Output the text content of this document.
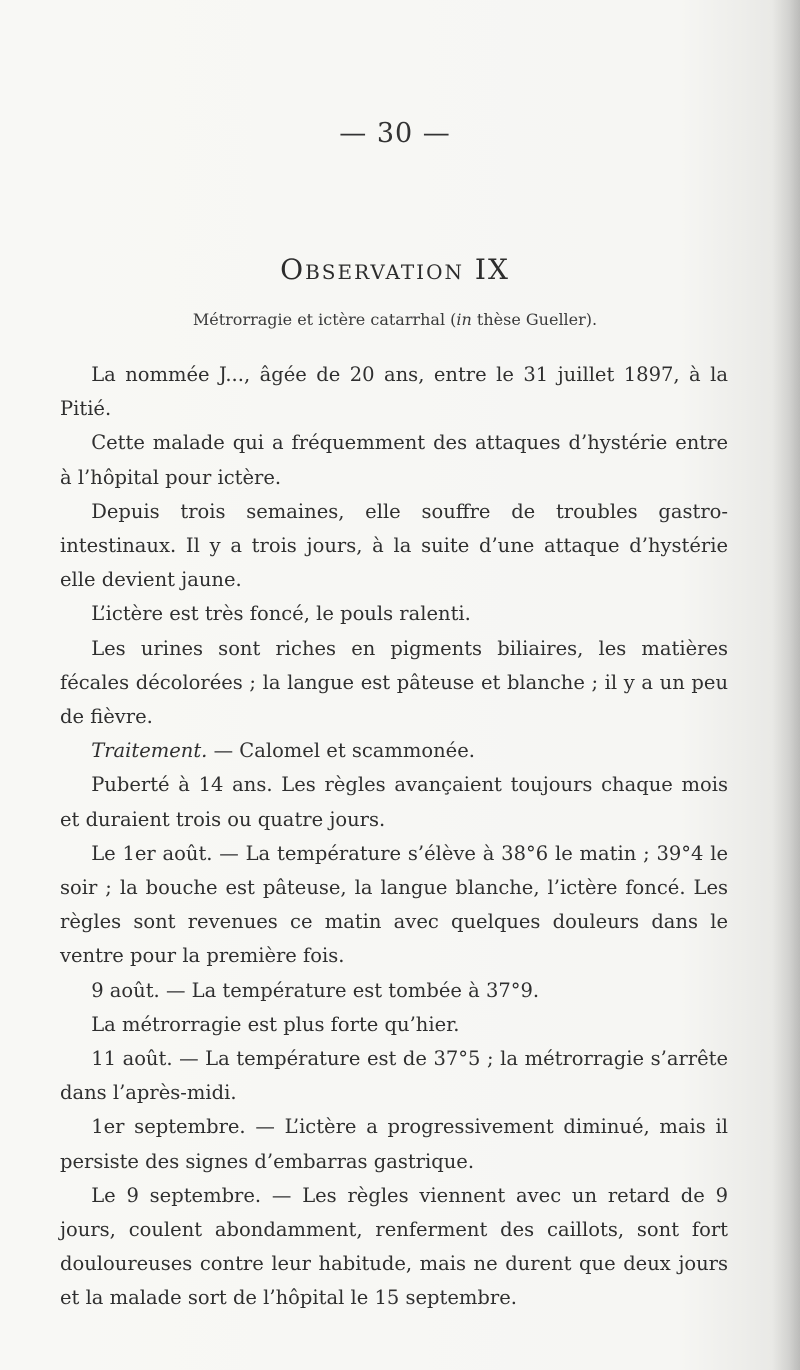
— 30 —
Observation IX
Métrorragie et ictère catarrhal (in thèse Gueller).

La nommée J..., âgée de 20 ans, entre le 31 juillet 1897, à la Pitié.

Cette malade qui a fréquemment des attaques d’hystérie entre à l’hôpital pour ictère.

Depuis trois semaines, elle souffre de troubles gastro-intestinaux. Il y a trois jours, à la suite d’une attaque d’hystérie elle devient jaune.

L’ictère est très foncé, le pouls ralenti.

Les urines sont riches en pigments biliaires, les matières fécales décolorées ; la langue est pâteuse et blanche ; il y a un peu de fièvre.

Traitement. — Calomel et scammonée.

Puberté à 14 ans. Les règles avançaient toujours chaque mois et duraient trois ou quatre jours.

Le 1er août. — La température s’élève à 38°6 le matin ; 39°4 le soir ; la bouche est pâteuse, la langue blanche, l’ictère foncé. Les règles sont revenues ce matin avec quelques douleurs dans le ventre pour la première fois.

9 août. — La température est tombée à 37°9.

La métrorragie est plus forte qu’hier.

11 août. — La température est de 37°5 ; la métrorragie s’arrête dans l’après-midi.

1er septembre. — L’ictère a progressivement diminué, mais il persiste des signes d’embarras gastrique.

Le 9 septembre. — Les règles viennent avec un retard de 9 jours, coulent abondamment, renferment des caillots, sont fort douloureuses contre leur habitude, mais ne durent que deux jours et la malade sort de l’hôpital le 15 septembre.
